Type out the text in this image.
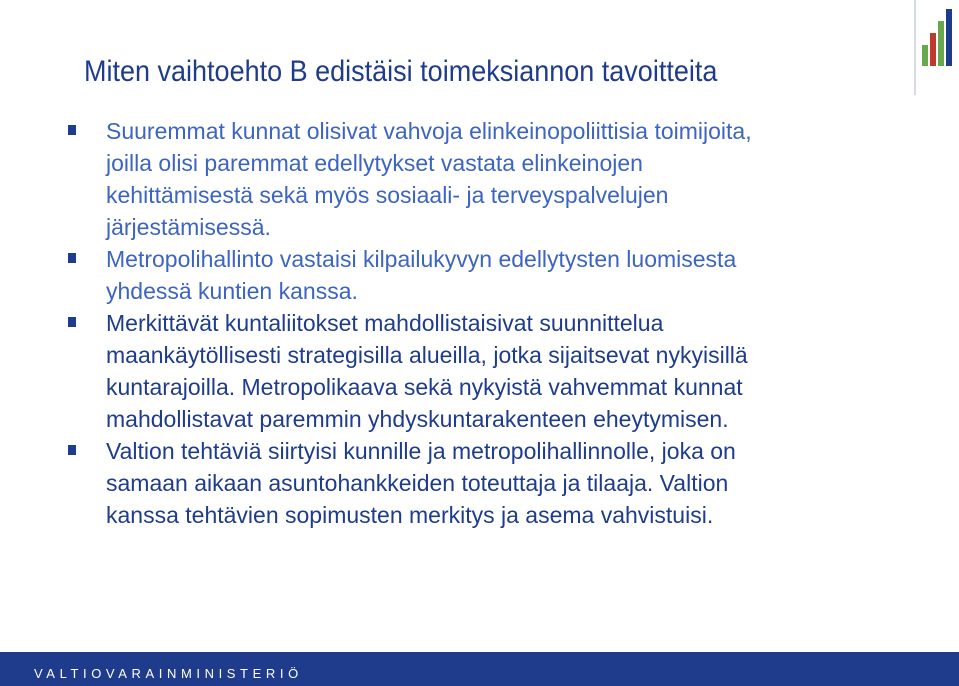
Miten vaihtoehto B edistäisi toimeksiannon tavoitteita
Suuremmat kunnat olisivat vahvoja elinkeinopoliittisia toimijoita,
joilla olisi paremmat edellytykset vastata elinkeinojen
kehittämisestä sekä myös sosiaali- ja terveyspalvelujen
järjestämisessä.
Metropolihallinto vastaisi kilpailukyvyn edellytysten luomisesta
yhdessä kuntien kanssa.
Merkittävät kuntaliitokset mahdollistaisivat suunnittelua
maankäytöllisesti strategisilla alueilla, jotka sijaitsevat nykyisillä
kuntarajoilla. Metropolikaava sekä nykyistä vahvemmat kunnat
mahdollistavat paremmin yhdyskuntarakenteen eheytymisen.
Valtion tehtäviä siirtyisi kunnille ja metropolihallinnolle, joka on
samaan aikaan asuntohankkeiden toteuttaja ja tilaaja. Valtion
kanssa tehtävien sopimusten merkitys ja asema vahvistuisi.
VALTIOVARAINMINISTERIÖ
